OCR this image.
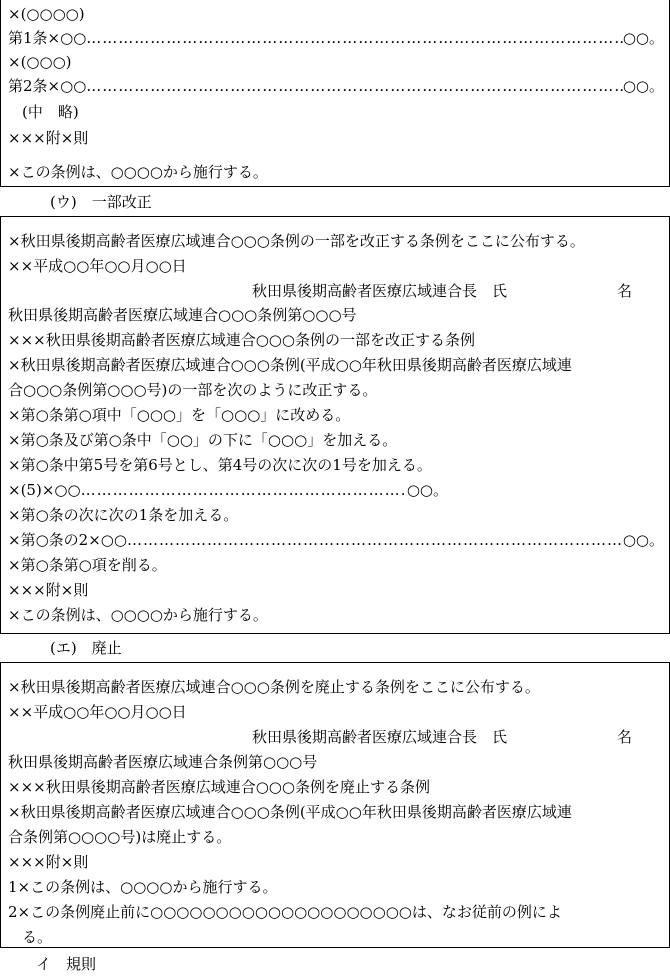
×(○○○○)
第1条×○○ …………………………………………………………………………………………………………………………………………………………………………………	○○。
×(○○○)
第2条×○○ …………………………………………………………………………………………………………………………………………………………………………………	○○。
(中　略)
×××附×則
×この条例は、○○○○から施行する。
(ウ)　一部改正
×秋田県後期高齢者医療広域連合○○○条例の一部を改正する条例をここに公布する。
××平成○○年○○月○○日
秋田県後期高齢者医療広域連合長　氏	名
秋田県後期高齢者医療広域連合○○○条例第○○○号
×××秋田県後期高齢者医療広域連合○○○条例の一部を改正する条例
×秋田県後期高齢者医療広域連合○○○条例(平成○○年秋田県後期高齢者医療広域連
合○○○条例第○○○号)の一部を次のように改正する。
×第○条第○項中「○○○」を「○○○」に改める。
×第○条及び第○条中「○○」の下に「○○○」を加える。
×第○条中第5号を第6号とし、第4号の次に次の1号を加える。
×(5)×○○ …………………………………………………………………………………………………………………………………………………………………………………	○○。
×第○条の次に次の1条を加える。
×第○条の2×○○ …………………………………………………………………………………………………………………………………………………………………………………	○○。
×第○条第○項を削る。
×××附×則
×この条例は、○○○○から施行する。
(エ)　廃止
×秋田県後期高齢者医療広域連合○○○条例を廃止する条例をここに公布する。
××平成○○年○○月○○日
秋田県後期高齢者医療広域連合長　氏	名
秋田県後期高齢者医療広域連合条例第○○○号
×××秋田県後期高齢者医療広域連合○○○条例を廃止する条例
×秋田県後期高齢者医療広域連合○○○条例(平成○○年秋田県後期高齢者医療広域連
合条例第○○○○号)は廃止する。
×××附×則
1×この条例は、○○○○から施行する。
2×この条例廃止前に○○○○○○○○○○○○○○○○○○○○は、なお従前の例によ
る。
イ　規則
